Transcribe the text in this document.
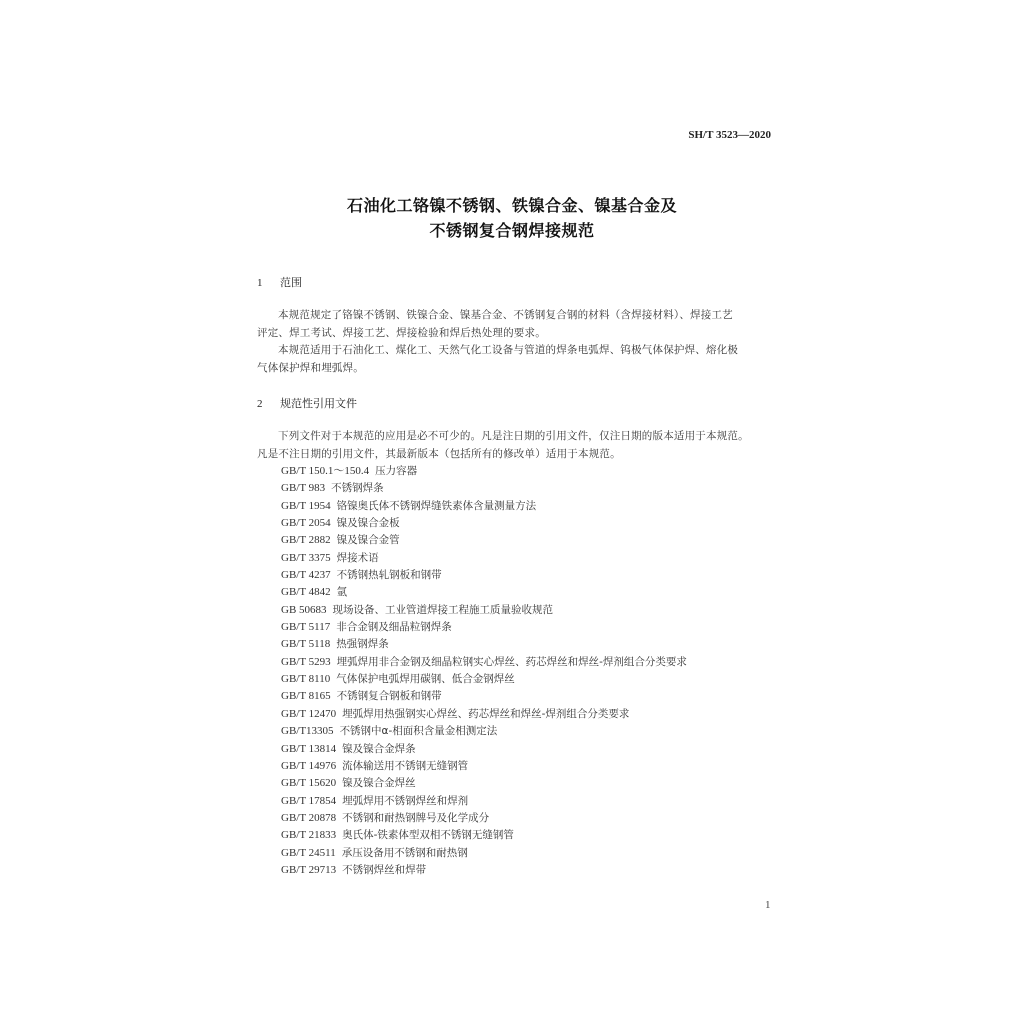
SH/T 3523—2020
石油化工铬镍不锈钢、铁镍合金、镍基合金及
不锈钢复合钢焊接规范
1 范围
本规范规定了铬镍不锈钢、铁镍合金、镍基合金、不锈钢复合钢的材料（含焊接材料）、焊接工艺
评定、焊工考试、焊接工艺、焊接检验和焊后热处理的要求。
本规范适用于石油化工、煤化工、天然气化工设备与管道的焊条电弧焊、钨极气体保护焊、熔化极
气体保护焊和埋弧焊。
2 规范性引用文件
下列文件对于本规范的应用是必不可少的。凡是注日期的引用文件，仅注日期的版本适用于本规范。
凡是不注日期的引用文件，其最新版本（包括所有的修改单）适用于本规范。
GB/T 150.1～150.4 压力容器
GB/T 983 不锈钢焊条
GB/T 1954 铬镍奥氏体不锈钢焊缝铁素体含量测量方法
GB/T 2054 镍及镍合金板
GB/T 2882 镍及镍合金管
GB/T 3375 焊接术语
GB/T 4237 不锈钢热轧钢板和钢带
GB/T 4842 氩
GB 50683 现场设备、工业管道焊接工程施工质量验收规范
GB/T 5117 非合金钢及细晶粒钢焊条
GB/T 5118 热强钢焊条
GB/T 5293 埋弧焊用非合金钢及细晶粒钢实心焊丝、药芯焊丝和焊丝-焊剂组合分类要求
GB/T 8110 气体保护电弧焊用碳钢、低合金钢焊丝
GB/T 8165 不锈钢复合钢板和钢带
GB/T 12470 埋弧焊用热强钢实心焊丝、药芯焊丝和焊丝-焊剂组合分类要求
GB/T13305 不锈钢中α-相面积含量金相测定法
GB/T 13814 镍及镍合金焊条
GB/T 14976 流体输送用不锈钢无缝钢管
GB/T 15620 镍及镍合金焊丝
GB/T 17854 埋弧焊用不锈钢焊丝和焊剂
GB/T 20878 不锈钢和耐热钢牌号及化学成分
GB/T 21833 奥氏体-铁素体型双相不锈钢无缝钢管
GB/T 24511 承压设备用不锈钢和耐热钢
GB/T 29713 不锈钢焊丝和焊带
1
